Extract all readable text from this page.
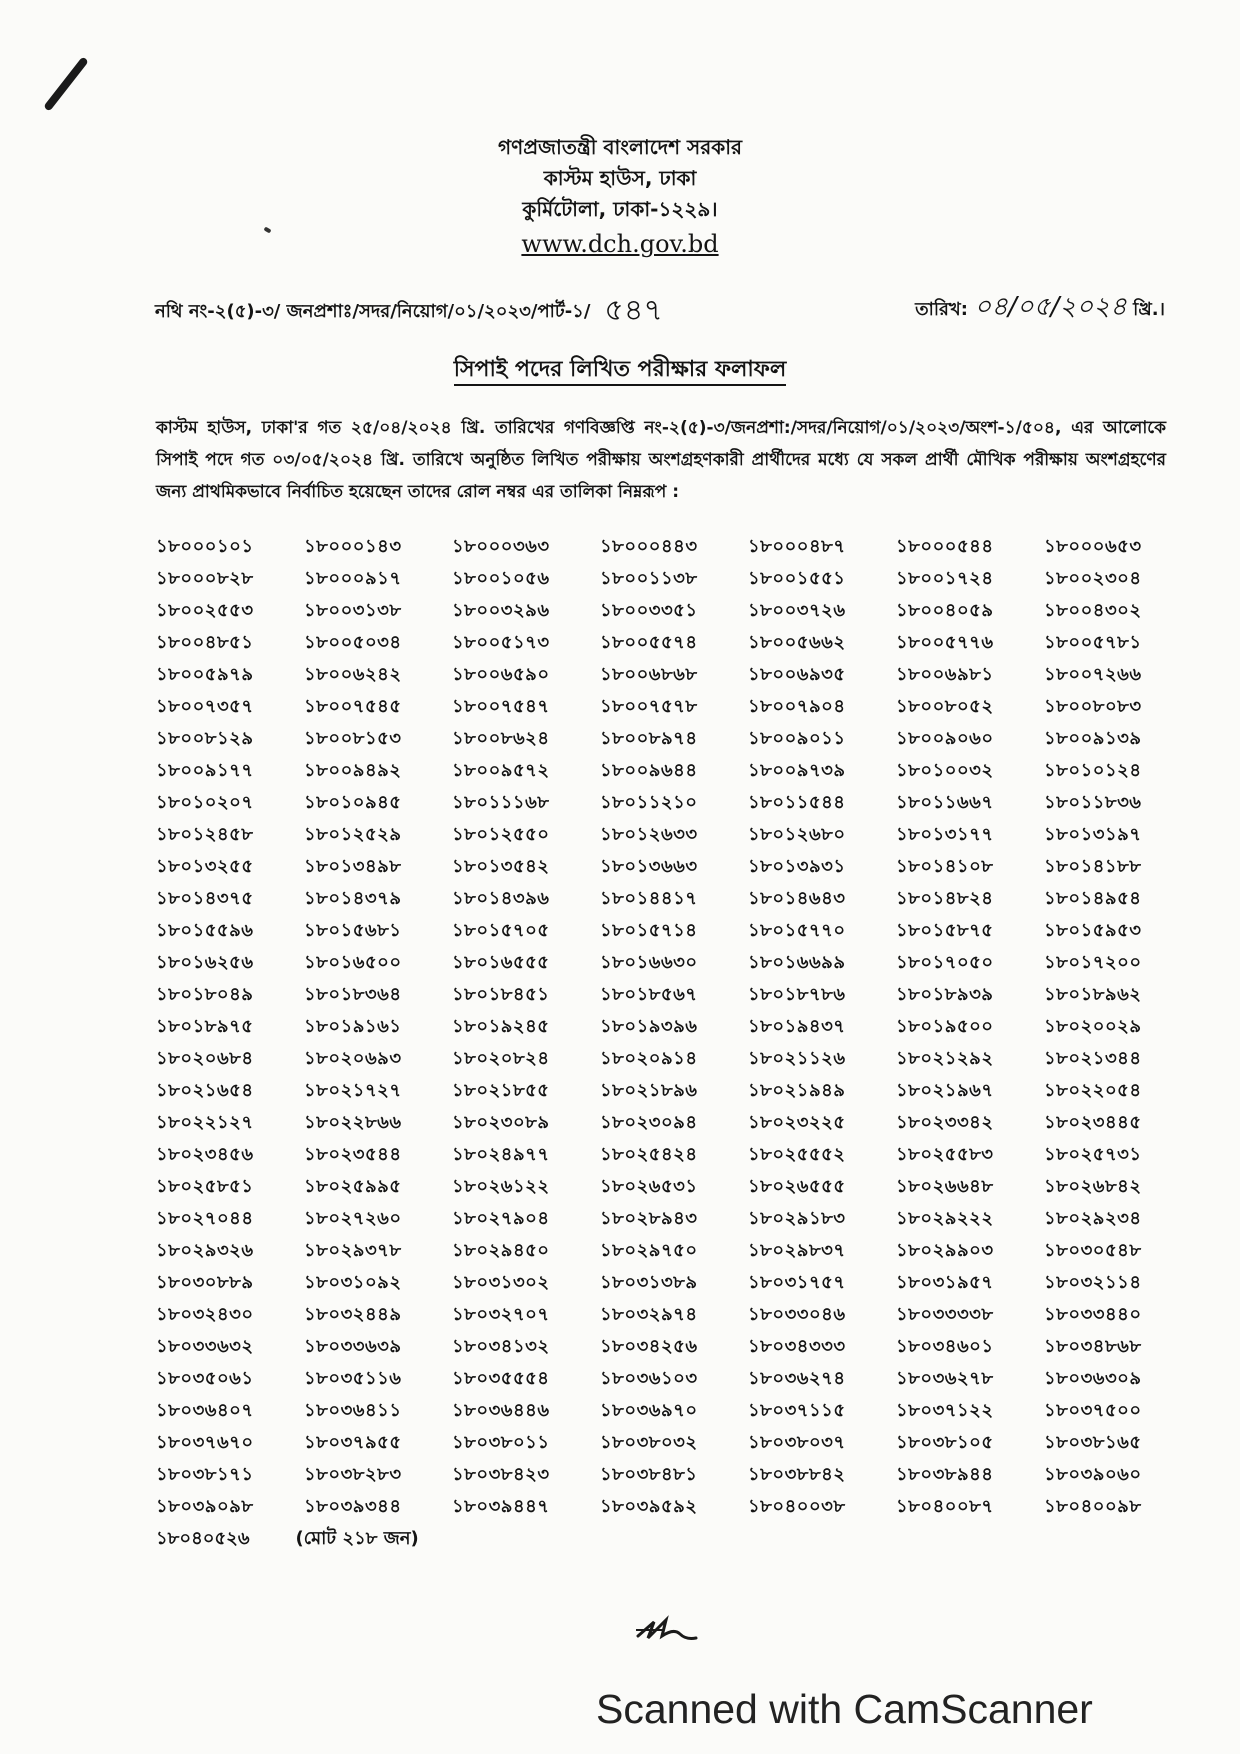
গণপ্রজাতন্ত্রী বাংলাদেশ সরকার
কাস্টম হাউস, ঢাকা
কুর্মিটোলা, ঢাকা-১২২৯।
www.dch.gov.bd
নথি নং-২(৫)-৩/ জনপ্রশাঃ/সদর/নিয়োগ/০১/২০২৩/পার্ট-১/ ৫৪৭	তারিখ: ০৪/০৫/২০২৪ খ্রি.।
সিপাই পদের লিখিত পরীক্ষার ফলাফল
কাস্টম হাউস, ঢাকা'র গত ২৫/০৪/২০২৪ খ্রি. তারিখের গণবিজ্ঞপ্তি নং-২(৫)-৩/জনপ্রশা:/সদর/নিয়োগ/০১/২০২৩/অংশ-১/৫০৪, এর আলোকে সিপাই পদে গত ০৩/০৫/২০২৪ খ্রি. তারিখে অনুষ্ঠিত লিখিত পরীক্ষায় অংশগ্রহণকারী প্রার্থীদের মধ্যে যে সকল প্রার্থী মৌখিক পরীক্ষায় অংশগ্রহণের জন্য প্রাথমিকভাবে নির্বাচিত হয়েছেন তাদের রোল নম্বর এর তালিকা নিম্নরূপ :
১৮০০০১০১	১৮০০০১৪৩	১৮০০০৩৬৩	১৮০০০৪৪৩	১৮০০০৪৮৭	১৮০০০৫৪৪	১৮০০০৬৫৩
১৮০০০৮২৮	১৮০০০৯১৭	১৮০০১০৫৬	১৮০০১১৩৮	১৮০০১৫৫১	১৮০০১৭২৪	১৮০০২৩০৪
১৮০০২৫৫৩	১৮০০৩১৩৮	১৮০০৩২৯৬	১৮০০৩৩৫১	১৮০০৩৭২৬	১৮০০৪০৫৯	১৮০০৪৩০২
১৮০০৪৮৫১	১৮০০৫০৩৪	১৮০০৫১৭৩	১৮০০৫৫৭৪	১৮০০৫৬৬২	১৮০০৫৭৭৬	১৮০০৫৭৮১
১৮০০৫৯৭৯	১৮০০৬২৪২	১৮০০৬৫৯০	১৮০০৬৮৬৮	১৮০০৬৯৩৫	১৮০০৬৯৮১	১৮০০৭২৬৬
১৮০০৭৩৫৭	১৮০০৭৫৪৫	১৮০০৭৫৪৭	১৮০০৭৫৭৮	১৮০০৭৯০৪	১৮০০৮০৫২	১৮০০৮০৮৩
১৮০০৮১২৯	১৮০০৮১৫৩	১৮০০৮৬২৪	১৮০০৮৯৭৪	১৮০০৯০১১	১৮০০৯০৬০	১৮০০৯১৩৯
১৮০০৯১৭৭	১৮০০৯৪৯২	১৮০০৯৫৭২	১৮০০৯৬৪৪	১৮০০৯৭৩৯	১৮০১০০৩২	১৮০১০১২৪
১৮০১০২০৭	১৮০১০৯৪৫	১৮০১১১৬৮	১৮০১১২১০	১৮০১১৫৪৪	১৮০১১৬৬৭	১৮০১১৮৩৬
১৮০১২৪৫৮	১৮০১২৫২৯	১৮০১২৫৫০	১৮০১২৬৩৩	১৮০১২৬৮০	১৮০১৩১৭৭	১৮০১৩১৯৭
১৮০১৩২৫৫	১৮০১৩৪৯৮	১৮০১৩৫৪২	১৮০১৩৬৬৩	১৮০১৩৯৩১	১৮০১৪১০৮	১৮০১৪১৮৮
১৮০১৪৩৭৫	১৮০১৪৩৭৯	১৮০১৪৩৯৬	১৮০১৪৪১৭	১৮০১৪৬৪৩	১৮০১৪৮২৪	১৮০১৪৯৫৪
১৮০১৫৫৯৬	১৮০১৫৬৮১	১৮০১৫৭০৫	১৮০১৫৭১৪	১৮০১৫৭৭০	১৮০১৫৮৭৫	১৮০১৫৯৫৩
১৮০১৬২৫৬	১৮০১৬৫০০	১৮০১৬৫৫৫	১৮০১৬৬৩০	১৮০১৬৬৯৯	১৮০১৭০৫০	১৮০১৭২০০
১৮০১৮০৪৯	১৮০১৮৩৬৪	১৮০১৮৪৫১	১৮০১৮৫৬৭	১৮০১৮৭৮৬	১৮০১৮৯৩৯	১৮০১৮৯৬২
১৮০১৮৯৭৫	১৮০১৯১৬১	১৮০১৯২৪৫	১৮০১৯৩৯৬	১৮০১৯৪৩৭	১৮০১৯৫০০	১৮০২০০২৯
১৮০২০৬৮৪	১৮০২০৬৯৩	১৮০২০৮২৪	১৮০২০৯১৪	১৮০২১১২৬	১৮০২১২৯২	১৮০২১৩৪৪
১৮০২১৬৫৪	১৮০২১৭২৭	১৮০২১৮৫৫	১৮০২১৮৯৬	১৮০২১৯৪৯	১৮০২১৯৬৭	১৮০২২০৫৪
১৮০২২১২৭	১৮০২২৮৬৬	১৮০২৩০৮৯	১৮০২৩০৯৪	১৮০২৩২২৫	১৮০২৩৩৪২	১৮০২৩৪৪৫
১৮০২৩৪৫৬	১৮০২৩৫৪৪	১৮০২৪৯৭৭	১৮০২৫৪২৪	১৮০২৫৫৫২	১৮০২৫৫৮৩	১৮০২৫৭৩১
১৮০২৫৮৫১	১৮০২৫৯৯৫	১৮০২৬১২২	১৮০২৬৫৩১	১৮০২৬৫৫৫	১৮০২৬৬৪৮	১৮০২৬৮৪২
১৮০২৭০৪৪	১৮০২৭২৬০	১৮০২৭৯০৪	১৮০২৮৯৪৩	১৮০২৯১৮৩	১৮০২৯২২২	১৮০২৯২৩৪
১৮০২৯৩২৬	১৮০২৯৩৭৮	১৮০২৯৪৫০	১৮০২৯৭৫০	১৮০২৯৮৩৭	১৮০২৯৯০৩	১৮০৩০৫৪৮
১৮০৩০৮৮৯	১৮০৩১০৯২	১৮০৩১৩০২	১৮০৩১৩৮৯	১৮০৩১৭৫৭	১৮০৩১৯৫৭	১৮০৩২১১৪
১৮০৩২৪৩০	১৮০৩২৪৪৯	১৮০৩২৭০৭	১৮০৩২৯৭৪	১৮০৩৩০৪৬	১৮০৩৩৩৩৮	১৮০৩৩৪৪০
১৮০৩৩৬৩২	১৮০৩৩৬৩৯	১৮০৩৪১৩২	১৮০৩৪২৫৬	১৮০৩৪৩৩৩	১৮০৩৪৬০১	১৮০৩৪৮৬৮
১৮০৩৫০৬১	১৮০৩৫১১৬	১৮০৩৫৫৫৪	১৮০৩৬১০৩	১৮০৩৬২৭৪	১৮০৩৬২৭৮	১৮০৩৬৩০৯
১৮০৩৬৪০৭	১৮০৩৬৪১১	১৮০৩৬৪৪৬	১৮০৩৬৯৭০	১৮০৩৭১১৫	১৮০৩৭১২২	১৮০৩৭৫০০
১৮০৩৭৬৭০	১৮০৩৭৯৫৫	১৮০৩৮০১১	১৮০৩৮০৩২	১৮০৩৮০৩৭	১৮০৩৮১০৫	১৮০৩৮১৬৫
১৮০৩৮১৭১	১৮০৩৮২৮৩	১৮০৩৮৪২৩	১৮০৩৮৪৮১	১৮০৩৮৮৪২	১৮০৩৮৯৪৪	১৮০৩৯০৬০
১৮০৩৯০৯৮	১৮০৩৯৩৪৪	১৮০৩৯৪৪৭	১৮০৩৯৫৯২	১৮০৪০০৩৮	১৮০৪০০৮৭	১৮০৪০০৯৮
১৮০৪০৫২৬	(মোট ২১৮ জন)
Scanned with CamScanner
